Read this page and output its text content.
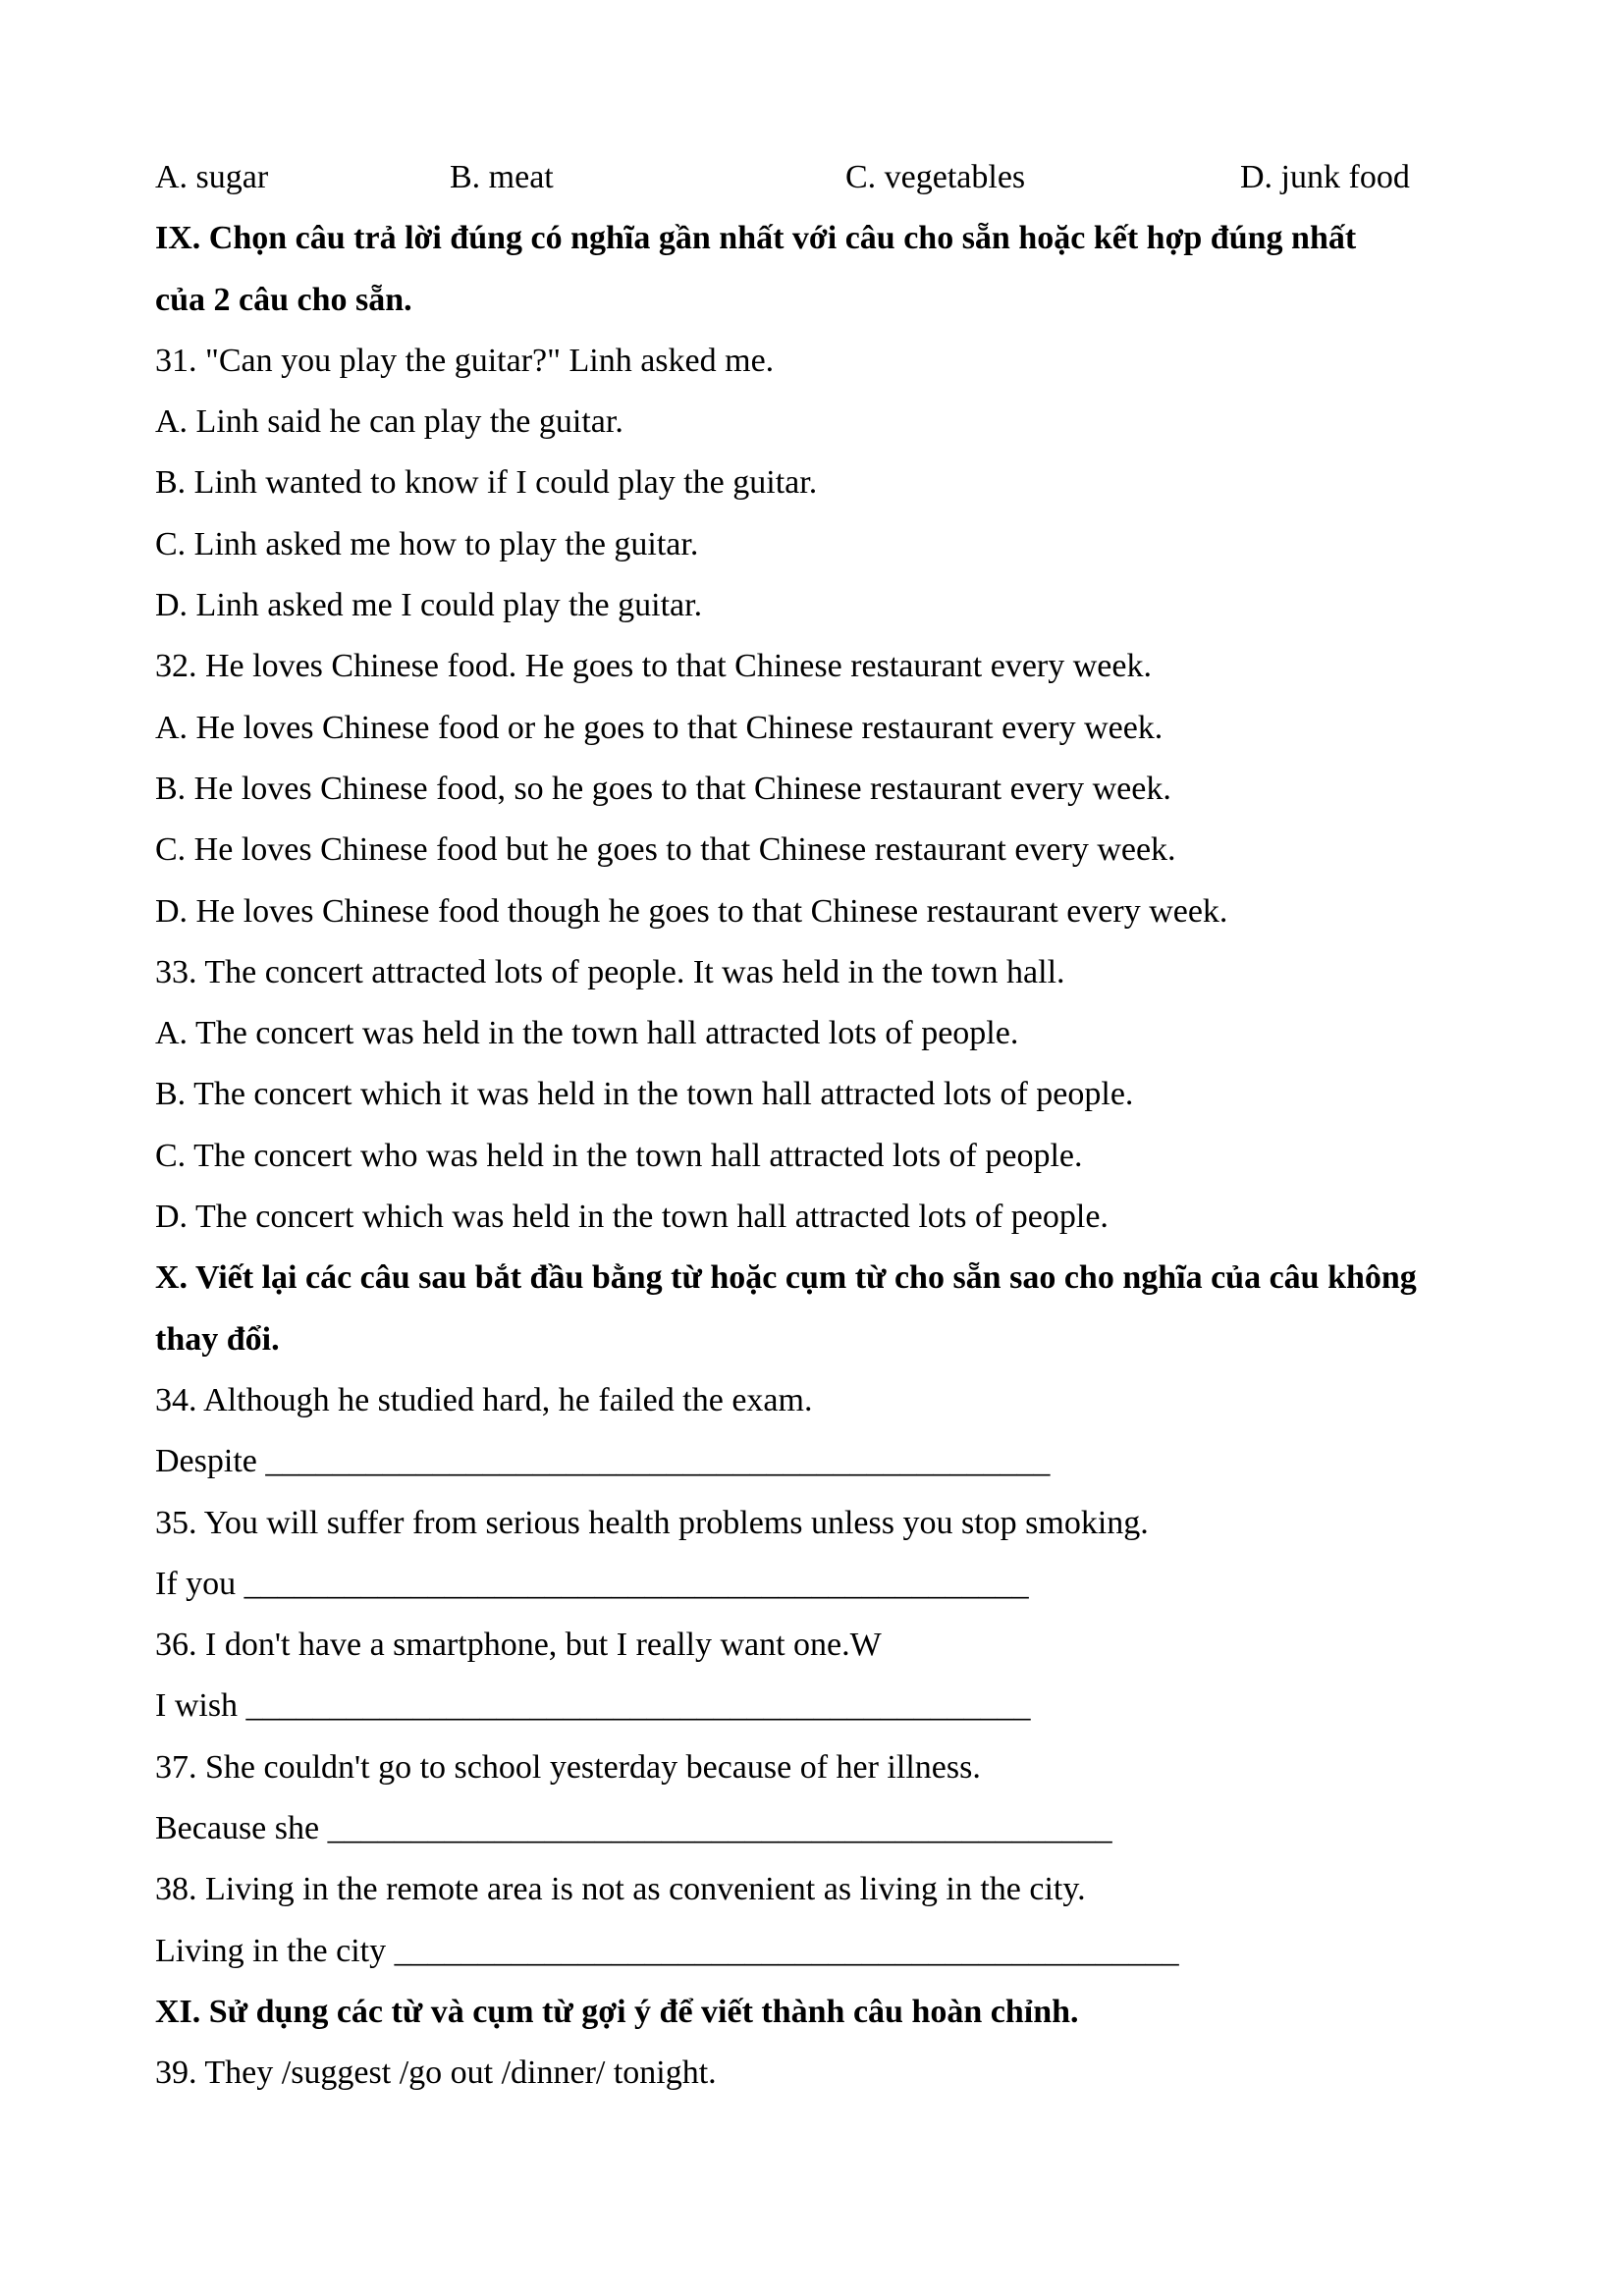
A. sugar	B. meat	C. vegetables	D. junk food
IX. Chọn câu trả lời đúng có nghĩa gần nhất với câu cho sẵn hoặc kết hợp đúng nhất
của 2 câu cho sẵn.
31. "Can you play the guitar?" Linh asked me.
A. Linh said he can play the guitar.
B. Linh wanted to know if I could play the guitar.
C. Linh asked me how to play the guitar.
D. Linh asked me I could play the guitar.
32. He loves Chinese food. He goes to that Chinese restaurant every week.
A. He loves Chinese food or he goes to that Chinese restaurant every week.
B. He loves Chinese food, so he goes to that Chinese restaurant every week.
C. He loves Chinese food but he goes to that Chinese restaurant every week.
D. He loves Chinese food though he goes to that Chinese restaurant every week.
33. The concert attracted lots of people. It was held in the town hall.
A. The concert was held in the town hall attracted lots of people.
B. The concert which it was held in the town hall attracted lots of people.
C. The concert who was held in the town hall attracted lots of people.
D. The concert which was held in the town hall attracted lots of people.
X. Viết lại các câu sau bắt đầu bằng từ hoặc cụm từ cho sẵn sao cho nghĩa của câu không
thay đổi.
34. Although he studied hard, he failed the exam.
Despite _______________________________________________
35. You will suffer from serious health problems unless you stop smoking.
If you _______________________________________________
36. I don't have a smartphone, but I really want one.W
I wish _______________________________________________
37. She couldn't go to school yesterday because of her illness.
Because she _______________________________________________
38. Living in the remote area is not as convenient as living in the city.
Living in the city _______________________________________________
XI. Sử dụng các từ và cụm từ gợi ý để viết thành câu hoàn chỉnh.
39. They /suggest /go out /dinner/ tonight.
